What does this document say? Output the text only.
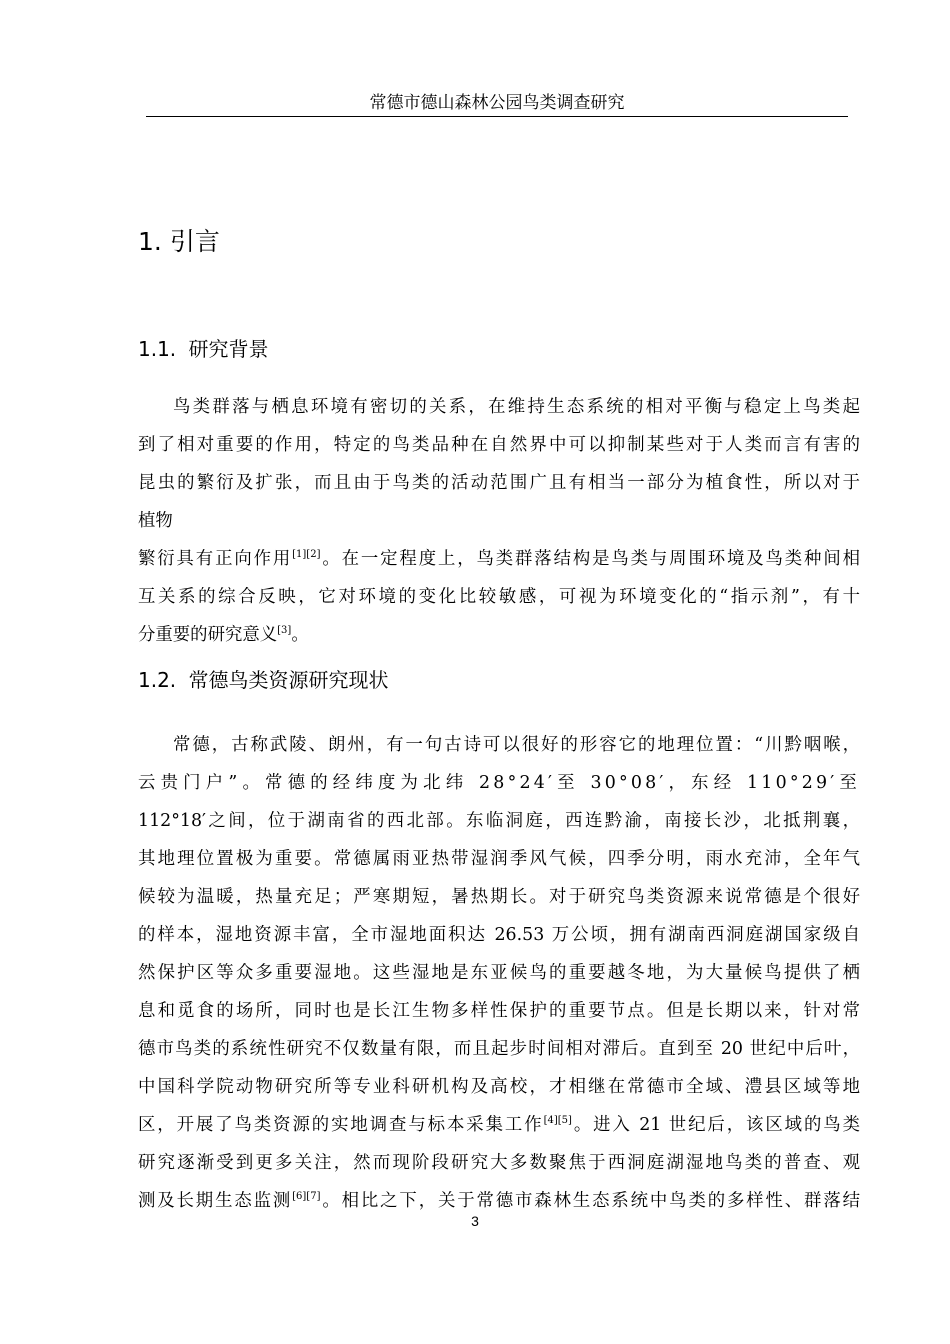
常德市德山森林公园鸟类调查研究
1. 引言
1.1. 研究背景
鸟类群落与栖息环境有密切的关系，在维持生态系统的相对平衡与稳定上鸟类起
到了相对重要的作用，特定的鸟类品种在自然界中可以抑制某些对于人类而言有害的
昆虫的繁衍及扩张，而且由于鸟类的活动范围广且有相当一部分为植食性，所以对于
植物
繁衍具有正向作用[1][2]。在一定程度上，鸟类群落结构是鸟类与周围环境及鸟类种间相
互关系的综合反映，它对环境的变化比较敏感，可视为环境变化的“指示剂”，有十
分重要的研究意义[3]。
1.2. 常德鸟类资源研究现状
常德，古称武陵、朗州，有一句古诗可以很好的形容它的地理位置：“川黔咽喉，
云贵门户”。常德的经纬度为北纬 28°24′至 30°08′，东经 110°29′至
112°18′之间，位于湖南省的西北部。东临洞庭，西连黔渝，南接长沙，北抵荆襄，
其地理位置极为重要。常德属雨亚热带湿润季风气候，四季分明，雨水充沛，全年气
候较为温暖，热量充足；严寒期短，暑热期长。对于研究鸟类资源来说常德是个很好
的样本，湿地资源丰富，全市湿地面积达 26.53 万公顷，拥有湖南西洞庭湖国家级自
然保护区等众多重要湿地。这些湿地是东亚候鸟的重要越冬地，为大量候鸟提供了栖
息和觅食的场所，同时也是长江生物多样性保护的重要节点。但是长期以来，针对常
德市鸟类的系统性研究不仅数量有限，而且起步时间相对滞后。直到至 20 世纪中后叶，
中国科学院动物研究所等专业科研机构及高校，才相继在常德市全域、澧县区域等地
区，开展了鸟类资源的实地调查与标本采集工作[4][5]。进入 21 世纪后，该区域的鸟类
研究逐渐受到更多关注，然而现阶段研究大多数聚焦于西洞庭湖湿地鸟类的普查、观
测及长期生态监测[6][7]。相比之下，关于常德市森林生态系统中鸟类的多样性、群落结
3
